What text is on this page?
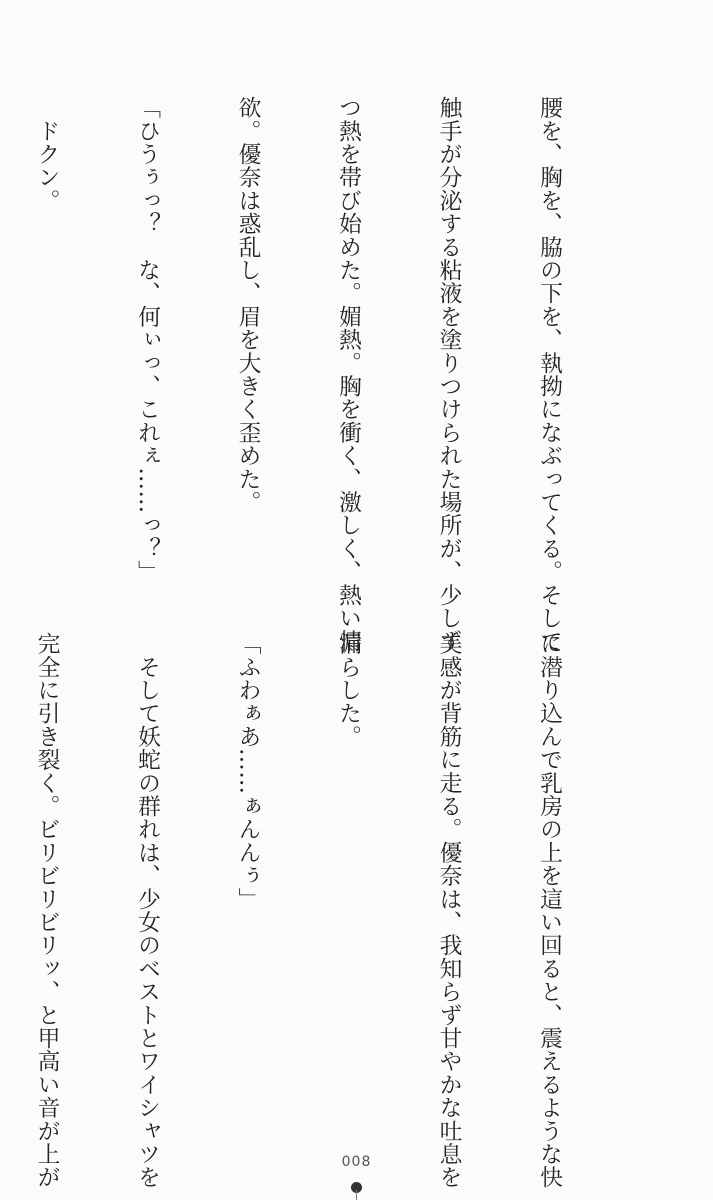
腰を、胸を、脇の下を、執拗になぶってくる。そして

触手が分泌する粘液を塗りつけられた場所が、少しず

つ熱を帯び始めた。媚熱。胸を衝く、激しく、熱い情

欲。優奈は惑乱し、眉を大きく歪めた。

「ひうぅっ？　な、何ぃっ、これぇ……っ？」

　ドクン。

に潜り込んで乳房の上を這い回ると、震えるような快

美感が背筋に走る。優奈は、我知らず甘やかな吐息を

漏らした。

「ふわぁあ……ぁんんぅ」

　そして妖蛇の群れは、少女のベストとワイシャツを

完全に引き裂く。ビリビリビリッ、と甲高い音が上が

	008
